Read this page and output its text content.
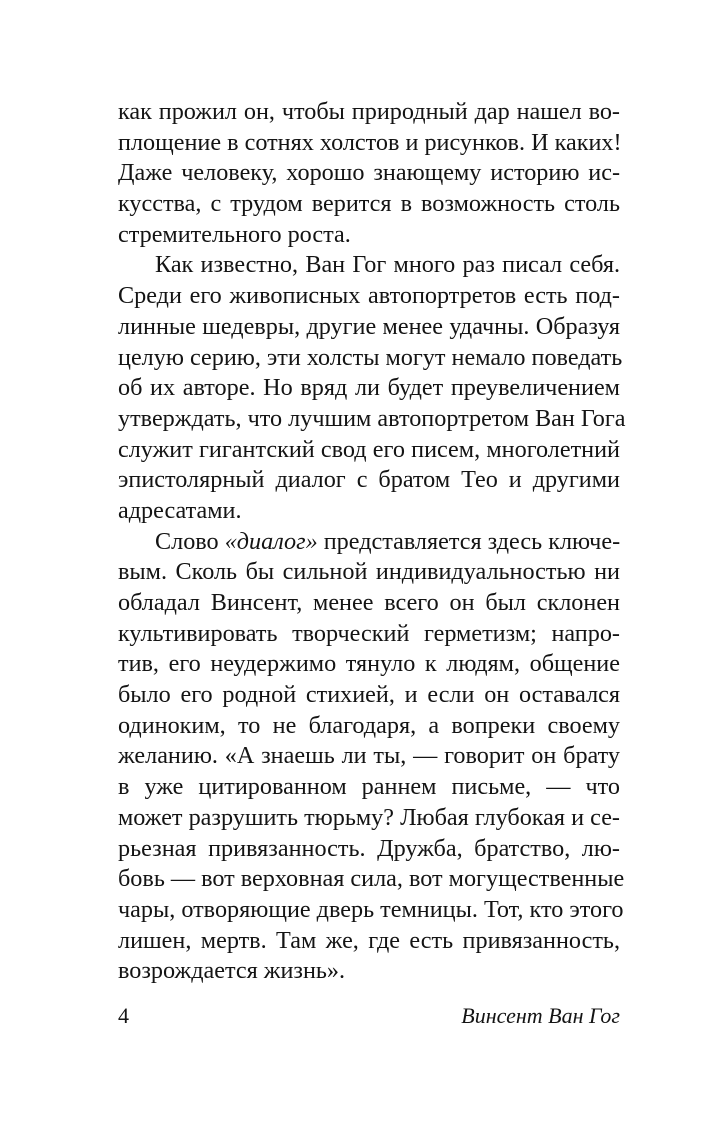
как прожил он, чтобы природный дар нашел во-
площение в сотнях холстов и рисунков. И каких!
Даже человеку, хорошо знающему историю ис-
кусства, с трудом верится в возможность столь
стремительного роста.
Как известно, Ван Гог много раз писал себя.
Среди его живописных автопортретов есть под-
линные шедевры, другие менее удачны. Образуя
целую серию, эти холсты могут немало поведать
об их авторе. Но вряд ли будет преувеличением
утверждать, что лучшим автопортретом Ван Гога
служит гигантский свод его писем, многолетний
эпистолярный диалог с братом Тео и другими
адресатами.
Слово «диалог» представляется здесь ключе-
вым. Сколь бы сильной индивидуальностью ни
обладал Винсент, менее всего он был склонен
культивировать творческий герметизм; напро-
тив, его неудержимо тянуло к людям, общение
было его родной стихией, и если он оставался
одиноким, то не благодаря, а вопреки своему
желанию. «А знаешь ли ты, — говорит он брату
в уже цитированном раннем письме, — что
может разрушить тюрьму? Любая глубокая и се-
рьезная привязанность. Дружба, братство, лю-
бовь — вот верховная сила, вот могущественные
чары, отворяющие дверь темницы. Тот, кто этого
лишен, мертв. Там же, где есть привязанность,
возрождается жизнь».
4	Винсент Ван Гог
